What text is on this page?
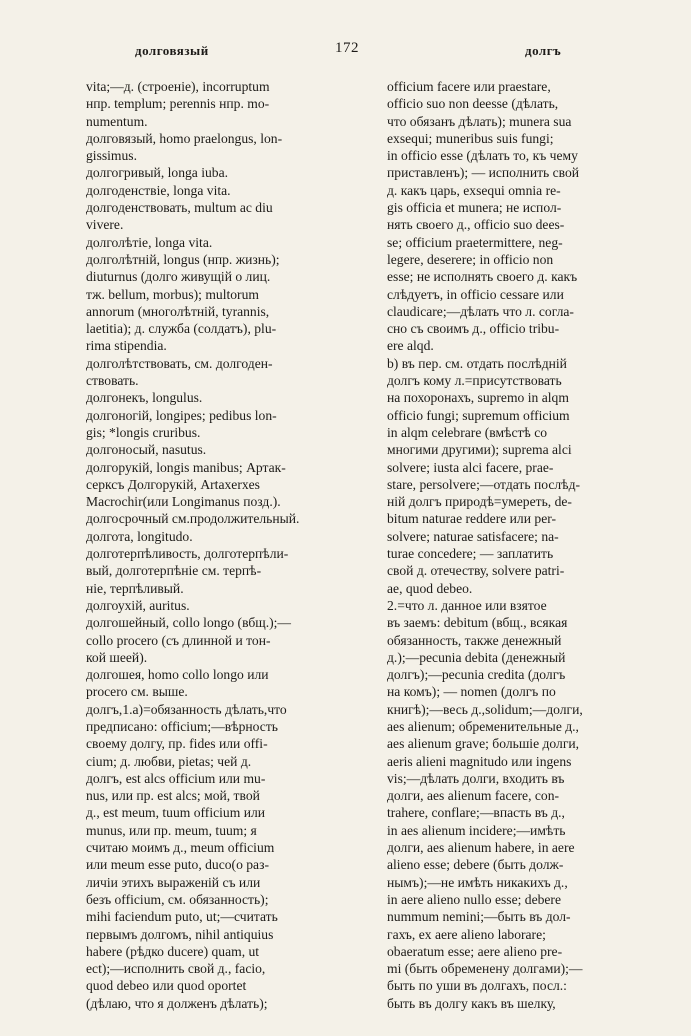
долговязый	172	долгъ
vita;—д. (строеніе), incorruptum
нпр. templum; perennis нпр. mo-
numentum.
долговязый, homo praelongus, lon-
gissimus.
долгогривый, longa iuba.
долгоденствіе, longa vita.
долгоденствовать, multum ac diu
vivere.
долголѣтіе, longa vita.
долголѣтній, longus (нпр. жизнь);
diuturnus (долго живущій о лиц.
тж. bellum, morbus); multorum
annorum (многолѣтній, tyrannis,
laetitia); д. служба (солдатъ), plu-
rima stipendia.
долголѣтствовать, см. долгоден-
ствовать.
долгонекъ, longulus.
долгоногій, longipes; pedibus lon-
gis; *longis cruribus.
долгоносый, nasutus.
долгорукій, longis manibus; Артак-
серксъ Долгорукій, Artaxerxes
Macrochir(или Longimanus позд.).
долгосрочный см.продолжительный.
долгота, longitudo.
долготерпѣливость, долготерпѣли-
вый, долготерпѣніе см. терпѣ-
ніе, терпѣливый.
долгоухій, auritus.
долгошейный, collo longo (вбщ.);—
collo procero (съ длинной и тон-
кой шеей).
долгошея, homo collo longo или
procero см. выше.
долгъ,1.а)=обязанность дѣлать,что
предписано: officium;—вѣрность
своему долгу, пр. fides или offi-
cium; д. любви, pietas; чей д.
долгъ, est alcs officium или mu-
nus, или пр. est alcs; мой, твой
д., est meum, tuum officium или
munus, или пр. meum, tuum; я
считаю моимъ д., meum officium
или meum esse puto, duco(о раз-
личіи этихъ выраженій съ или
безъ officium, см. обязанность);
mihi faciendum puto, ut;—считать
первымъ долгомъ, nihil antiquius
habere (рѣдко ducere) quam, ut
ect);—исполнить свой д., facio,
quod debeo или quod oportet
(дѣлаю, что я долженъ дѣлать);
officium facere или praestare,
officio suo non deesse (дѣлать,
что обязанъ дѣлать); munera sua
exsequi; muneribus suis fungi;
in officio esse (дѣлать то, къ чему
приставленъ); — исполнить свой
д. какъ царь, exsequi omnia re-
gis officia et munera; не испол-
нять своего д., officio suo dees-
se; officium praetermittere, neg-
legere, deserere; in officio non
esse; не исполнять своего д. какъ
слѣдуетъ, in officio cessare или
claudicare;—дѣлать что л. согла-
сно съ своимъ д., officio tribu-
ere alqd.
b) въ пер. см. отдать послѣдній
долгъ кому л.=присутствовать
на похоронахъ, supremo in alqm
officio fungi; supremum officium
in alqm celebrare (вмѣстѣ со
многими другими); suprema alci
solvere; iusta alci facere, prae-
stare, persolvere;—отдать послѣд-
ній долгъ природѣ=умереть, de-
bitum naturae reddere или per-
solvere; naturae satisfacere; na-
turae concedere; — заплатить
свой д. отечеству, solvere patri-
ae, quod debeo.
2.=что л. данное или взятое
въ заемъ: debitum (вбщ., всякая
обязанность, также денежный
д.);—pecunia debita (денежный
долгъ);—pecunia credita (долгъ
на комъ); — nomen (долгъ по
книгѣ);—весь д.,solidum;—долги,
aes alienum; обременительные д.,
aes alienum grave; большіе долги,
aeris alieni magnitudo или ingens
vis;—дѣлать долги, входить въ
долги, aes alienum facere, con-
trahere, conflare;—впасть въ д.,
in aes alienum incidere;—имѣть
долги, aes alienum habere, in aere
alieno esse; debere (быть долж-
нымъ);—не имѣть никакихъ д.,
in aere alieno nullo esse; debere
nummum nemini;—быть въ дол-
гахъ, ex aere alieno laborare;
obaeratum esse; aere alieno pre-
mi (быть обременену долгами);—
быть по уши въ долгахъ, посл.:
быть въ долгу какъ въ шелку,
